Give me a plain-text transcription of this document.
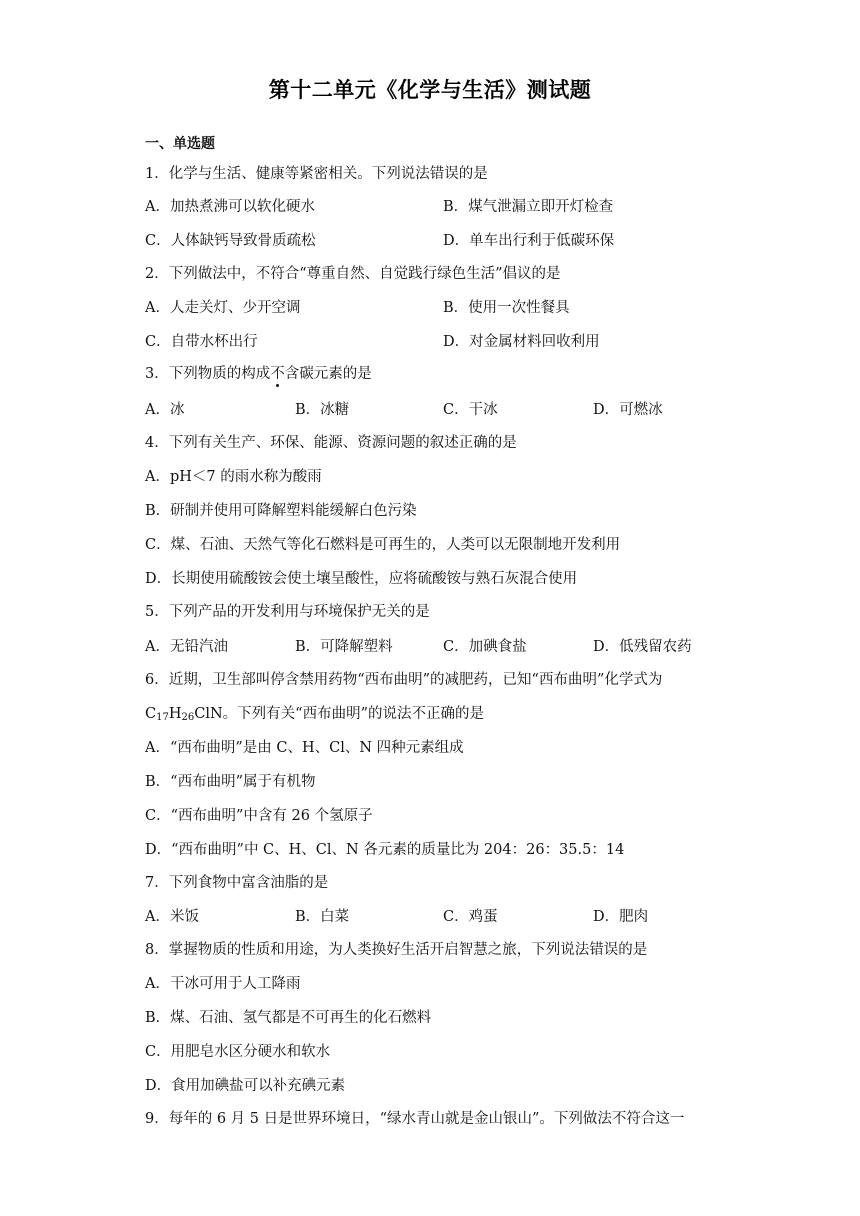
第十二单元《化学与生活》测试题
一、单选题
1．化学与生活、健康等紧密相关。下列说法错误的是
A．加热煮沸可以软化硬水	B．煤气泄漏立即开灯检查
C．人体缺钙导致骨质疏松	D．单车出行利于低碳环保
2．下列做法中，不符合“尊重自然、自觉践行绿色生活”倡议的是
A．人走关灯、少开空调	B．使用一次性餐具
C．自带水杯出行	D．对金属材料回收利用
3．下列物质的构成不
含碳元素的是
A．冰	B．冰糖	C．干冰	D．可燃冰
4．下列有关生产、环保、能源、资源问题的叙述正确的是
A．pH＜7 的雨水称为酸雨
B．研制并使用可降解塑料能缓解白色污染
C．煤、石油、天然气等化石燃料是可再生的，人类可以无限制地开发利用
D．长期使用硫酸铵会使土壤呈酸性，应将硫酸铵与熟石灰混合使用
5．下列产品的开发利用与环境保护无关的是
A．无铅汽油	B．可降解塑料	C．加碘食盐	D．低残留农药
6．近期，卫生部叫停含禁用药物“西布曲明”的减肥药，已知“西布曲明”化学式为
$C_{17}H_{26}ClN$。下列有关“西布曲明”的说法不正确的是
A．“西布曲明”是由 C、H、Cl、N 四种元素组成
B．“西布曲明”属于有机物
C．“西布曲明”中含有 26 个氢原子
D．“西布曲明”中 C、H、Cl、N 各元素的质量比为 204：26：35.5：14
7．下列食物中富含油脂的是
A．米饭	B．白菜	C．鸡蛋	D．肥肉
8．掌握物质的性质和用途，为人类换好生活开启智慧之旅，下列说法错误的是
A．干冰可用于人工降雨
B．煤、石油、氢气都是不可再生的化石燃料
C．用肥皂水区分硬水和软水
D．食用加碘盐可以补充碘元素
9．每年的 6 月 5 日是世界环境日，“绿水青山就是金山银山”。下列做法不符合这一
